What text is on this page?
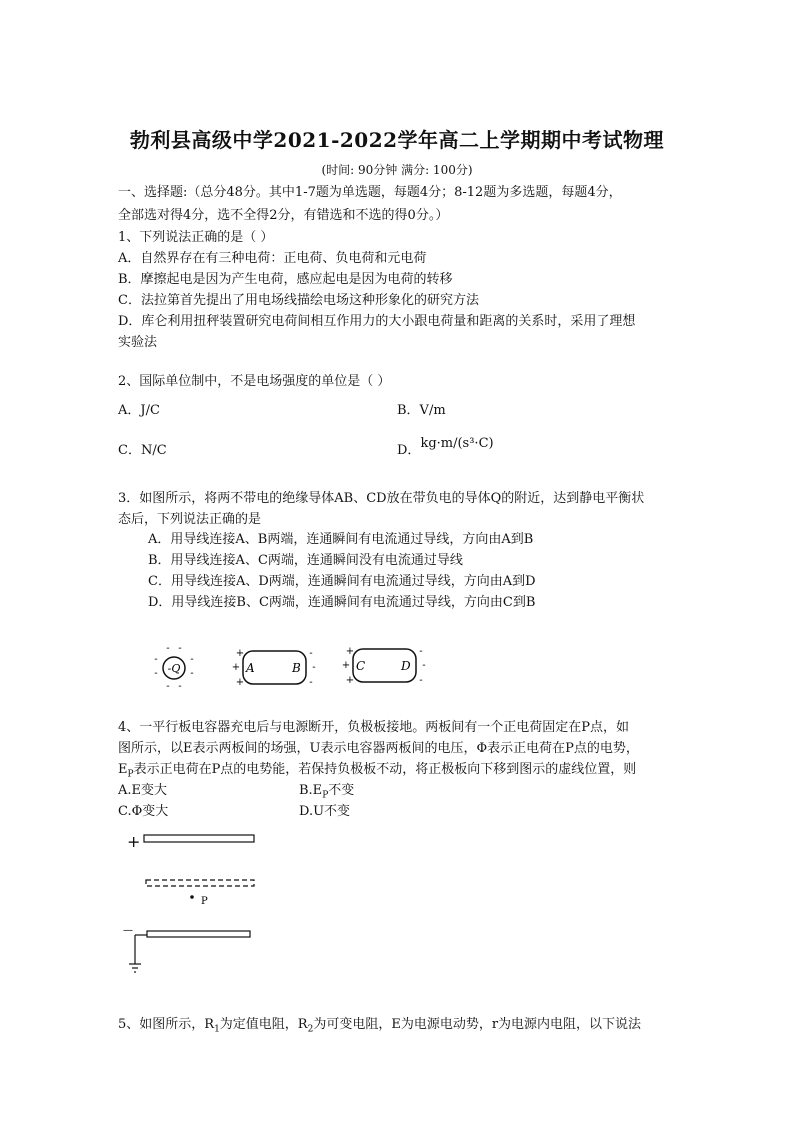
勃利县高级中学2021-2022学年高二上学期期中考试物理
(时间: 90分钟 满分: 100分)
一、选择题:（总分48分。其中1-7题为单选题，每题4分；8-12题为多选题，每题4分，
全部选对得4分，选不全得2分，有错选和不选的得0分。）
1、下列说法正确的是（ ）
A．自然界存在有三种电荷：正电荷、负电荷和元电荷
B．摩擦起电是因为产生电荷，感应起电是因为电荷的转移
C．法拉第首先提出了用电场线描绘电场这种形象化的研究方法
D．库仑利用扭秤装置研究电荷间相互作用力的大小跟电荷量和距离的关系时，采用了理想
实验法
2、国际单位制中，不是电场强度的单位是（ ）
A．J/C	B．V/m
C．N/C	D．kg·m/(s³·C)
3．如图所示，将两不带电的绝缘导体AB、CD放在带负电的导体Q的附近，达到静电平衡状
态后，下列说法正确的是
A．用导线连接A、B两端，连通瞬间有电流通过导线，方向由A到B
B．用导线连接A、C两端，连通瞬间没有电流通过导线
C．用导线连接A、D两端，连通瞬间有电流通过导线，方向由A到D
D．用导线连接B、C两端，连通瞬间有电流通过导线，方向由C到B
-Q
- -
-	-
-	-
- -
A	B
+
+
+
-
-
-
C	D
+
+
+
-
-
-
4、一平行板电容器充电后与电源断开，负极板接地。两板间有一个正电荷固定在P点，如
图所示，以E表示两板间的场强，U表示电容器两板间的电压，Φ表示正电荷在P点的电势，
$E_P$表示正电荷在P点的电势能，若保持负极板不动，将正极板向下移到图示的虚线位置，则
A.E变大	$B.E_P$不变
C.Φ变大	D.U不变
+
P
—
5、如图所示，$R_1$为定值电阻，$R_2$为可变电阻，E为电源电动势，r为电源内电阻，以下说法
